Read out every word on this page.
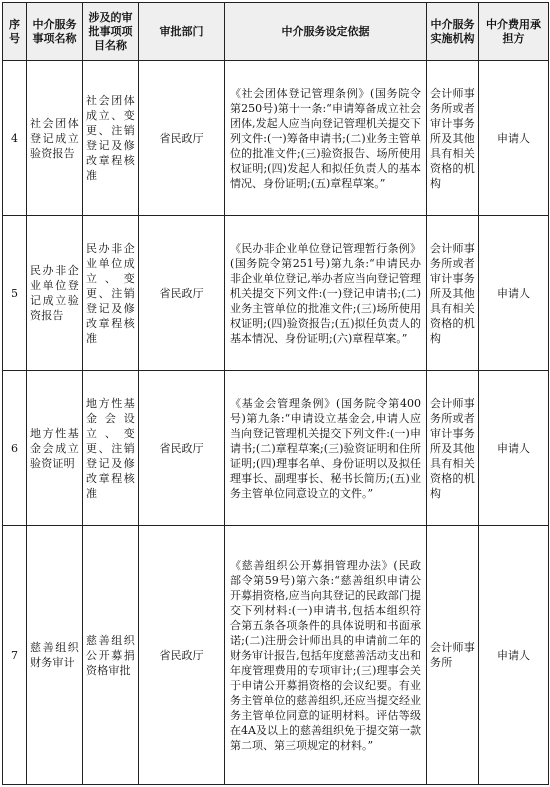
序号	中介服务事项名称	涉及的审批事项项目名称	审批部门	中介服务设定依据	中介服务实施机构	中介费用承担方
4	社会团体登记成立验资报告	社会团体成立、变更、注销登记及修改章程核准	省民政厅	《社会团体登记管理条例》(国务院令第250号)第十一条:“申请筹备成立社会团体,发起人应当向登记管理机关提交下列文件:(一)筹备申请书;(二)业务主管单位的批准文件;(三)验资报告、场所使用权证明;(四)发起人和拟任负责人的基本情况、身份证明;(五)章程草案。”	会计师事务所或者审计事务所及其他具有相关资格的机构	申请人
5	民办非企业单位登记成立验资报告	民办非企业单位成立、变更、注销登记及修改章程核准	省民政厅	《民办非企业单位登记管理暂行条例》(国务院令第251号)第九条:“申请民办非企业单位登记,举办者应当向登记管理机关提交下列文件:(一)登记申请书;(二)业务主管单位的批准文件;(三)场所使用权证明;(四)验资报告;(五)拟任负责人的基本情况、身份证明;(六)章程草案。”	会计师事务所或者审计事务所及其他具有相关资格的机构	申请人
6	地方性基金会成立验资证明	地方性基金会设立、变更、注销登记及修改章程核准	省民政厅	《基金会管理条例》(国务院令第400号)第九条:“申请设立基金会,申请人应当向登记管理机关提交下列文件:(一)申请书;(二)章程草案;(三)验资证明和住所证明;(四)理事名单、身份证明以及拟任理事长、副理事长、秘书长简历;(五)业务主管单位同意设立的文件。”	会计师事务所或者审计事务所及其他具有相关资格的机构	申请人
7	慈善组织财务审计	慈善组织公开募捐资格审批	省民政厅	《慈善组织公开募捐管理办法》(民政部令第59号)第六条:“慈善组织申请公开募捐资格,应当向其登记的民政部门提交下列材料:(一)申请书,包括本组织符合第五条各项条件的具体说明和书面承诺;(二)注册会计师出具的申请前二年的财务审计报告,包括年度慈善活动支出和年度管理费用的专项审计;(三)理事会关于申请公开募捐资格的会议纪要。有业务主管单位的慈善组织,还应当提交经业务主管单位同意的证明材料。评估等级在4A及以上的慈善组织免于提交第一款第二项、第三项规定的材料。”	会计师事务所	申请人
